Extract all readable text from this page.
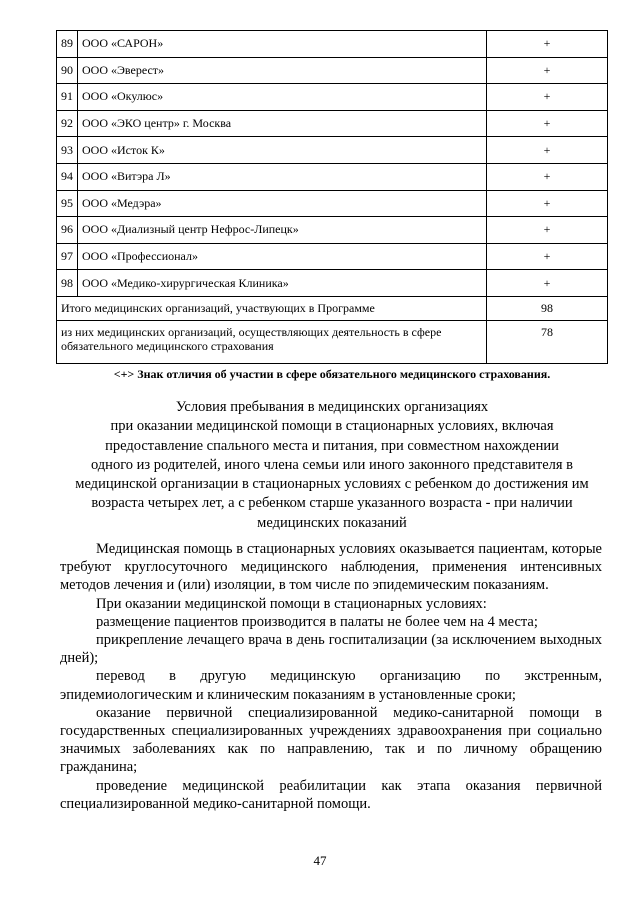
89	ООО «САРОН»	+
90	ООО «Эверест»	+
91	ООО «Окулюс»	+
92	ООО «ЭКО центр» г. Москва	+
93	ООО «Исток К»	+
94	ООО «Витэра Л»	+
95	ООО «Медэра»	+
96	ООО «Диализный центр Нефрос-Липецк»	+
97	ООО «Профессионал»	+
98	ООО «Медико-хирургическая Клиника»	+
Итого медицинских организаций, участвующих в Программе		98
из них медицинских организаций, осуществляющих деятельность в сфере обязательного медицинского страхования		78
<+> Знак отличия об участии в сфере обязательного медицинского страхования.
Условия пребывания в медицинских организациях
при оказании медицинской помощи в стационарных условиях, включая
предоставление спального места и питания, при совместном нахождении
одного из родителей, иного члена семьи или иного законного представителя в
медицинской организации в стационарных условиях с ребенком до достижения им
возраста четырех лет, а с ребенком старше указанного возраста - при наличии
медицинских показаний

Медицинская помощь в стационарных условиях оказывается пациентам, которые требуют круглосуточного медицинского наблюдения, применения интенсивных методов лечения и (или) изоляции, в том числе по эпидемическим показаниям.

При оказании медицинской помощи в стационарных условиях:

размещение пациентов производится в палаты не более чем на 4 места;

прикрепление лечащего врача в день госпитализации (за исключением выходных дней);

перевод в другую медицинскую организацию по экстренным, эпидемиологическим и клиническим показаниям в установленные сроки;

оказание первичной специализированной медико-санитарной помощи в государственных специализированных учреждениях здравоохранения при социально значимых заболеваниях как по направлению, так и по личному обращению гражданина;

проведение медицинской реабилитации как этапа оказания первичной специализированной медико-санитарной помощи.

47
